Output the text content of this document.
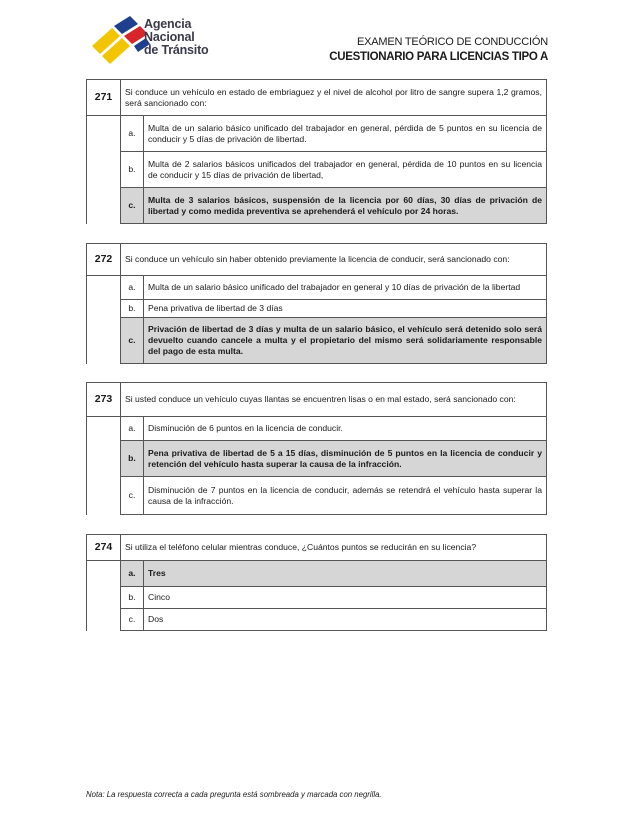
Agencia
Nacional
de Tránsito
EXAMEN TEÓRICO DE CONDUCCIÓN
CUESTIONARIO PARA LICENCIAS TIPO A
271	Si conduce un vehículo en estado de embriaguez y el nivel de alcohol por litro de sangre supera 1,2 gramos, será sancionado con:	
	a.	Multa de un salario básico unificado del trabajador en general, pérdida de 5 puntos en su licencia de conducir y 5 días de privación de libertad.
	b.	Multa de 2 salarios básicos unificados del trabajador en general, pérdida de 10 puntos en su licencia de conducir y 15 días de privación de libertad,
	c.	Multa de 3 salarios básicos, suspensión de la licencia por 60 días, 30 días de privación de libertad y como medida preventiva se aprehenderá el vehículo por 24 horas.
272	Si conduce un vehículo sin haber obtenido previamente la licencia de conducir, será sancionado con:	
	a.	Multa de un salario básico unificado del trabajador en general y 10 días de privación de la libertad
	b.	Pena privativa de libertad de 3 días
	c.	Privación de libertad de 3 días y multa de un salario básico, el vehículo será detenido solo será devuelto cuando cancele a multa y el propietario del mismo será solidariamente responsable del pago de esta multa.
273	Si usted conduce un vehículo cuyas llantas se encuentren lisas o en mal estado, será sancionado con:	
	a.	Disminución de 6 puntos en la licencia de conducir.
	b.	Pena privativa de libertad de 5 a 15 días, disminución de 5 puntos en la licencia de conducir y retención del vehículo hasta superar la causa de la infracción.
	c.	Disminución de 7 puntos en la licencia de conducir, además se retendrá el vehículo hasta superar la causa de la infracción.
274	Si utiliza el teléfono celular mientras conduce, ¿Cuántos puntos se reducirán en su licencia?	
	a.	Tres
	b.	Cinco
	c.	Dos
Nota: La respuesta correcta a cada pregunta está sombreada y marcada con negrilla.
